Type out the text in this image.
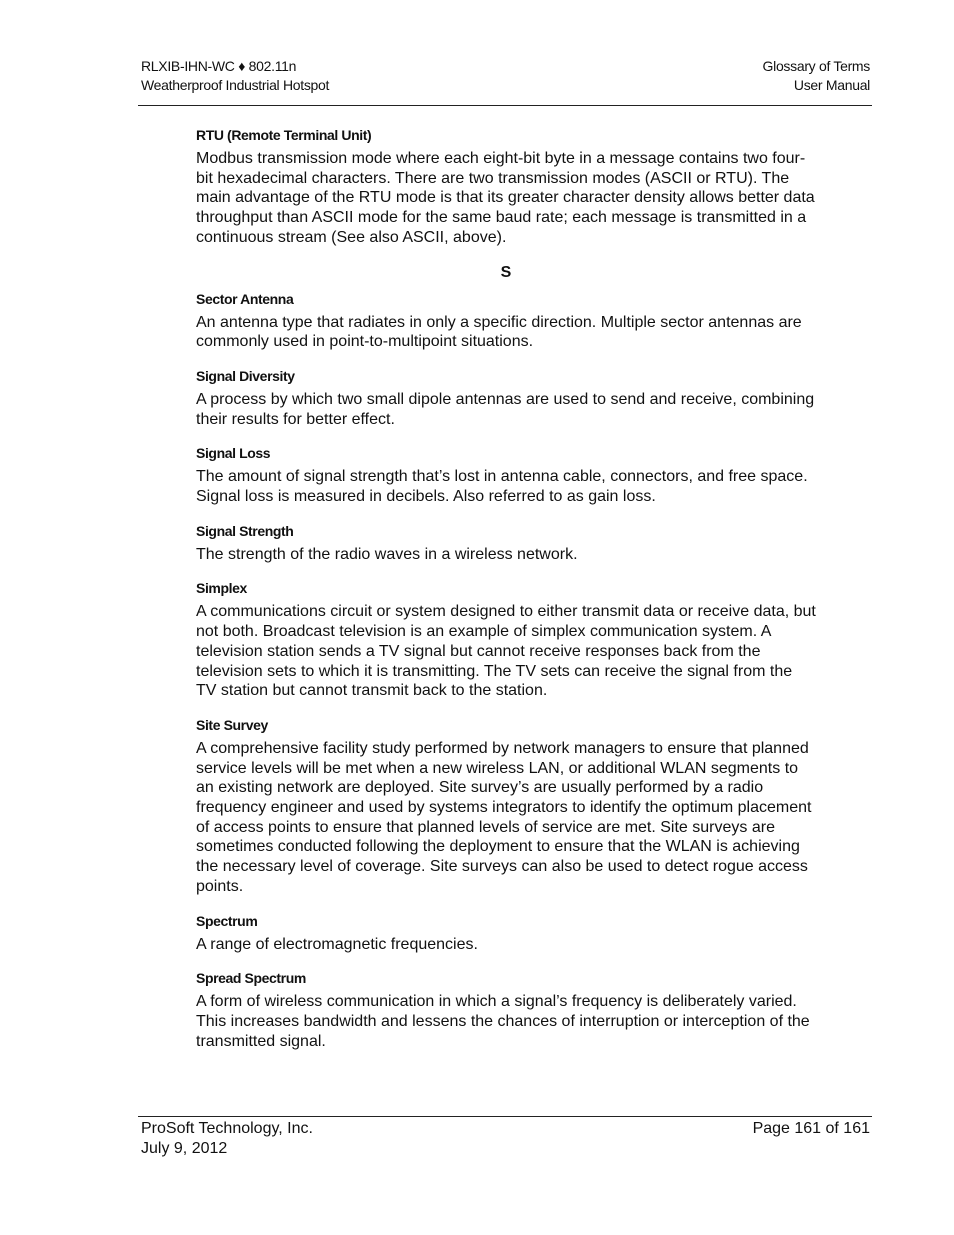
RLXIB-IHN-WC ♦ 802.11n
Weatherproof Industrial Hotspot
Glossary of Terms
User Manual
RTU (Remote Terminal Unit)
Modbus transmission mode where each eight-bit byte in a message contains two four-bit hexadecimal characters. There are two transmission modes (ASCII or RTU). The main advantage of the RTU mode is that its greater character density allows better data throughput than ASCII mode for the same baud rate; each message is transmitted in a continuous stream (See also ASCII, above).
S
Sector Antenna
An antenna type that radiates in only a specific direction. Multiple sector antennas are commonly used in point-to-multipoint situations.
Signal Diversity
A process by which two small dipole antennas are used to send and receive, combining their results for better effect.
Signal Loss
The amount of signal strength that’s lost in antenna cable, connectors, and free space. Signal loss is measured in decibels. Also referred to as gain loss.
Signal Strength
The strength of the radio waves in a wireless network.
Simplex
A communications circuit or system designed to either transmit data or receive data, but not both. Broadcast television is an example of simplex communication system. A television station sends a TV signal but cannot receive responses back from the television sets to which it is transmitting. The TV sets can receive the signal from the TV station but cannot transmit back to the station.
Site Survey
A comprehensive facility study performed by network managers to ensure that planned service levels will be met when a new wireless LAN, or additional WLAN segments to an existing network are deployed. Site survey’s are usually performed by a radio frequency engineer and used by systems integrators to identify the optimum placement of access points to ensure that planned levels of service are met. Site surveys are sometimes conducted following the deployment to ensure that the WLAN is achieving the necessary level of coverage. Site surveys can also be used to detect rogue access points.
Spectrum
A range of electromagnetic frequencies.
Spread Spectrum
A form of wireless communication in which a signal’s frequency is deliberately varied. This increases bandwidth and lessens the chances of interruption or interception of the transmitted signal.
ProSoft Technology, Inc.
July 9, 2012
Page 161 of 161
